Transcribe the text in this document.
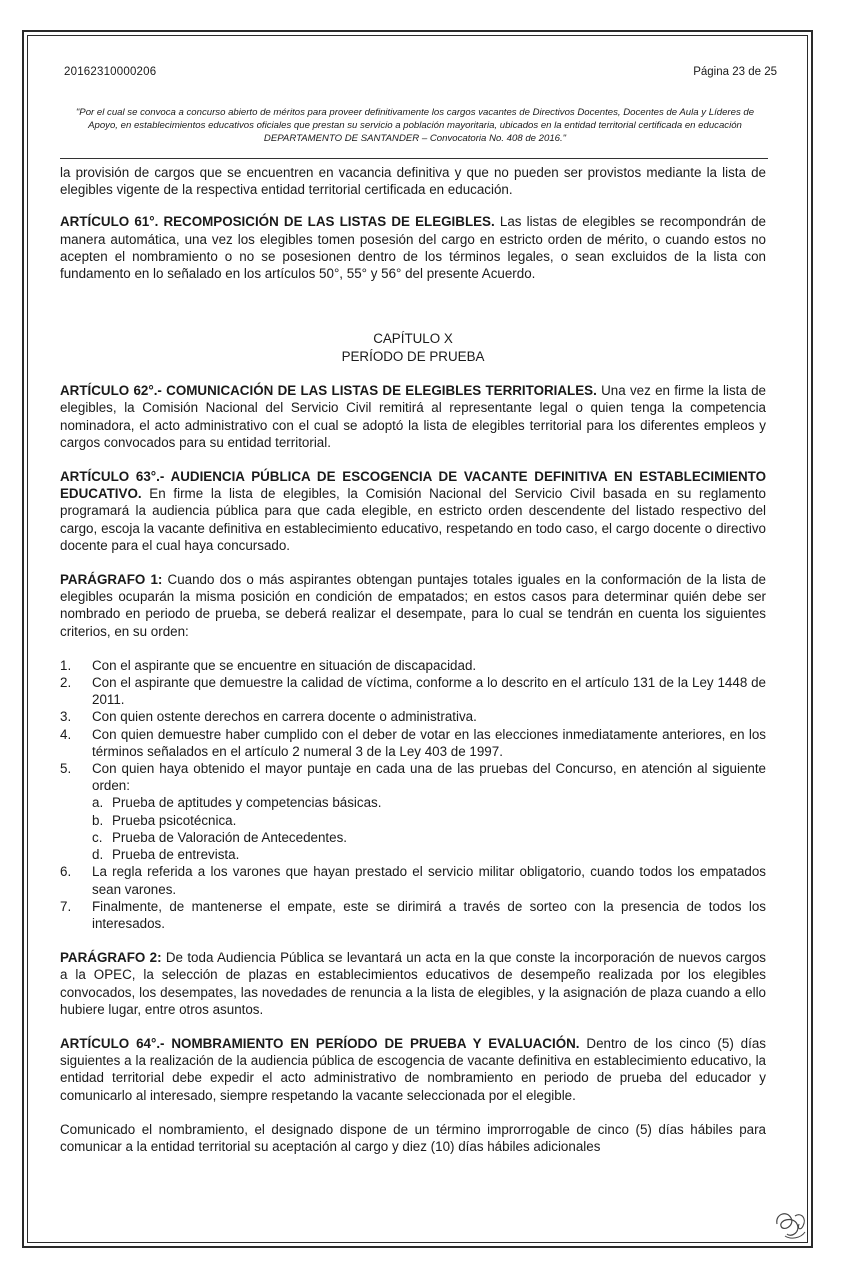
20162310000206	Página 23 de 25
"Por el cual se convoca a concurso abierto de méritos para proveer definitivamente los cargos vacantes de Directivos Docentes, Docentes de Aula y Líderes de Apoyo, en establecimientos educativos oficiales que prestan su servicio a población mayoritaria, ubicados en la entidad territorial certificada en educación DEPARTAMENTO DE SANTANDER – Convocatoria No. 408 de 2016."

la provisión de cargos que se encuentren en vacancia definitiva y que no pueden ser provistos mediante la lista de elegibles vigente de la respectiva entidad territorial certificada en educación.

ARTÍCULO 61°. RECOMPOSICIÓN DE LAS LISTAS DE ELEGIBLES. Las listas de elegibles se recompondrán de manera automática, una vez los elegibles tomen posesión del cargo en estricto orden de mérito, o cuando estos no acepten el nombramiento o no se posesionen dentro de los términos legales, o sean excluidos de la lista con fundamento en lo señalado en los artículos 50°, 55° y 56° del presente Acuerdo.

CAPÍTULO X
PERÍODO DE PRUEBA

ARTÍCULO 62°.- COMUNICACIÓN DE LAS LISTAS DE ELEGIBLES TERRITORIALES. Una vez en firme la lista de elegibles, la Comisión Nacional del Servicio Civil remitirá al representante legal o quien tenga la competencia nominadora, el acto administrativo con el cual se adoptó la lista de elegibles territorial para los diferentes empleos y cargos convocados para su entidad territorial.

ARTÍCULO 63°.- AUDIENCIA PÚBLICA DE ESCOGENCIA DE VACANTE DEFINITIVA EN ESTABLECIMIENTO EDUCATIVO. En firme la lista de elegibles, la Comisión Nacional del Servicio Civil basada en su reglamento programará la audiencia pública para que cada elegible, en estricto orden descendente del listado respectivo del cargo, escoja la vacante definitiva en establecimiento educativo, respetando en todo caso, el cargo docente o directivo docente para el cual haya concursado.

PARÁGRAFO 1: Cuando dos o más aspirantes obtengan puntajes totales iguales en la conformación de la lista de elegibles ocuparán la misma posición en condición de empatados; en estos casos para determinar quién debe ser nombrado en periodo de prueba, se deberá realizar el desempate, para lo cual se tendrán en cuenta los siguientes criterios, en su orden:

1. Con el aspirante que se encuentre en situación de discapacidad.
2. Con el aspirante que demuestre la calidad de víctima, conforme a lo descrito en el artículo 131 de la Ley 1448 de 2011.
3. Con quien ostente derechos en carrera docente o administrativa.
4. Con quien demuestre haber cumplido con el deber de votar en las elecciones inmediatamente anteriores, en los términos señalados en el artículo 2 numeral 3 de la Ley 403 de 1997.
5. Con quien haya obtenido el mayor puntaje en cada una de las pruebas del Concurso, en atención al siguiente orden:
a. Prueba de aptitudes y competencias básicas.
b. Prueba psicotécnica.
c. Prueba de Valoración de Antecedentes.
d. Prueba de entrevista.
6. La regla referida a los varones que hayan prestado el servicio militar obligatorio, cuando todos los empatados sean varones.
7. Finalmente, de mantenerse el empate, este se dirimirá a través de sorteo con la presencia de todos los interesados.

PARÁGRAFO 2: De toda Audiencia Pública se levantará un acta en la que conste la incorporación de nuevos cargos a la OPEC, la selección de plazas en establecimientos educativos de desempeño realizada por los elegibles convocados, los desempates, las novedades de renuncia a la lista de elegibles, y la asignación de plaza cuando a ello hubiere lugar, entre otros asuntos.

ARTÍCULO 64°.- NOMBRAMIENTO EN PERÍODO DE PRUEBA Y EVALUACIÓN. Dentro de los cinco (5) días siguientes a la realización de la audiencia pública de escogencia de vacante definitiva en establecimiento educativo, la entidad territorial debe expedir el acto administrativo de nombramiento en periodo de prueba del educador y comunicarlo al interesado, siempre respetando la vacante seleccionada por el elegible.

Comunicado el nombramiento, el designado dispone de un término improrrogable de cinco (5) días hábiles para comunicar a la entidad territorial su aceptación al cargo y diez (10) días hábiles adicionales
